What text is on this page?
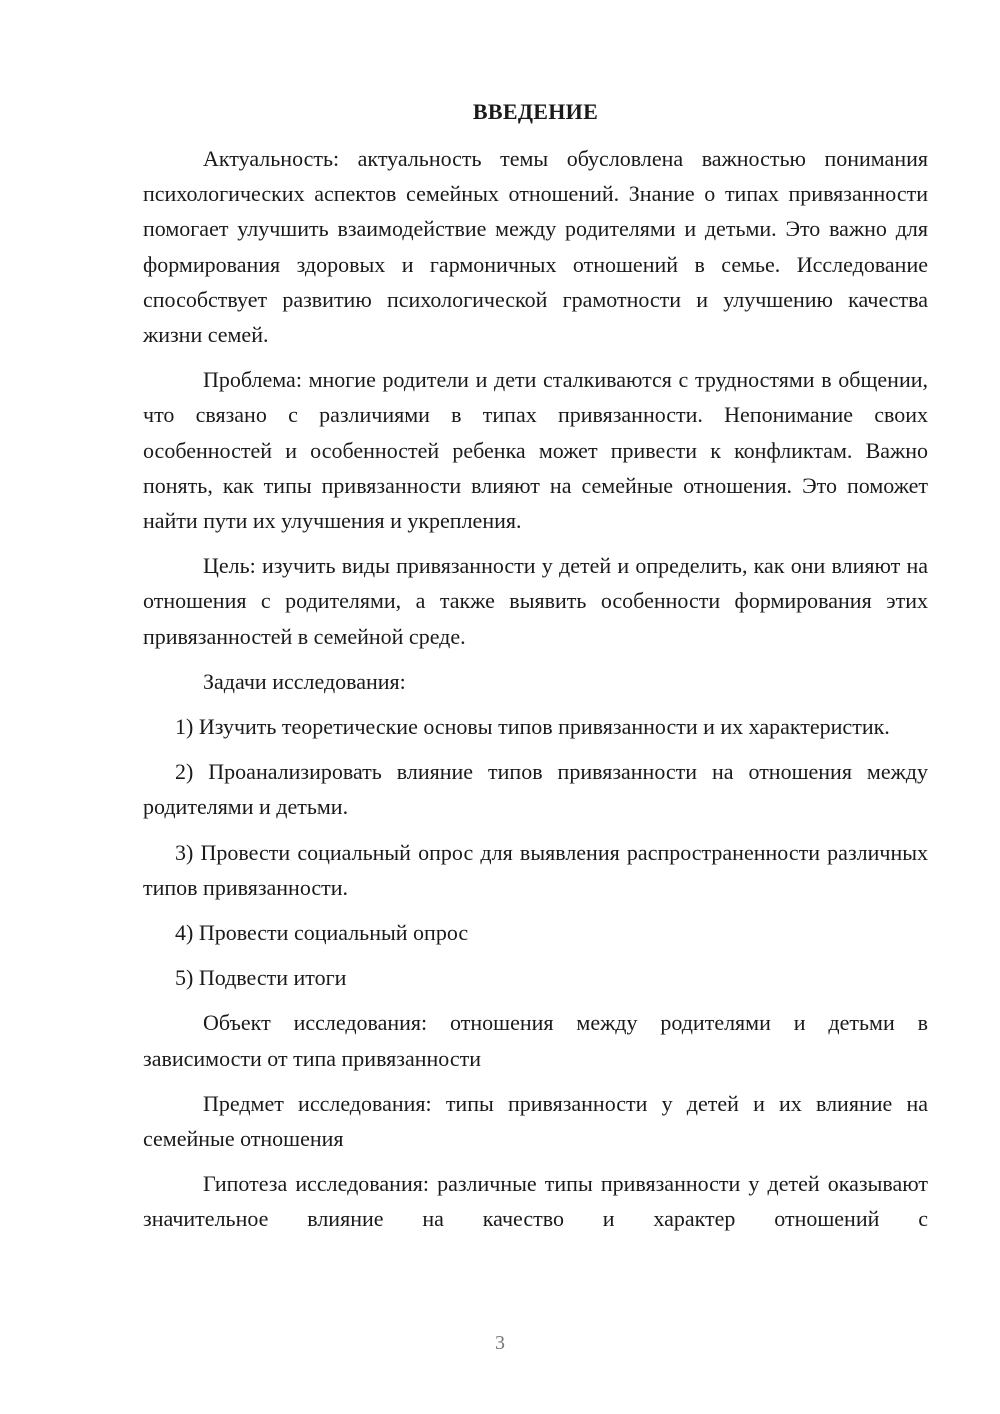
ВВЕДЕНИЕ

Актуальность: актуальность темы обусловлена важностью понимания психологических аспектов семейных отношений. Знание о типах привязанности помогает улучшить взаимодействие между родителями и детьми. Это важно для формирования здоровых и гармоничных отношений в семье. Исследование способствует развитию психологической грамотности и улучшению качества жизни семей.

Проблема: многие родители и дети сталкиваются с трудностями в общении, что связано с различиями в типах привязанности. Непонимание своих особенностей и особенностей ребенка может привести к конфликтам. Важно понять, как типы привязанности влияют на семейные отношения. Это поможет найти пути их улучшения и укрепления.

Цель: изучить виды привязанности у детей и определить, как они влияют на отношения с родителями, а также выявить особенности формирования этих привязанностей в семейной среде.

Задачи исследования:

1) Изучить теоретические основы типов привязанности и их характеристик.

2) Проанализировать влияние типов привязанности на отношения между родителями и детьми.

3) Провести социальный опрос для выявления распространенности различных типов привязанности.

4) Провести социальный опрос

5) Подвести итоги

Объект исследования: отношения между родителями и детьми в зависимости от типа привязанности

Предмет исследования: типы привязанности у детей и их влияние на семейные отношения

Гипотеза исследования: различные типы привязанности у детей оказывают значительное влияние на качество и характер отношений с

3
